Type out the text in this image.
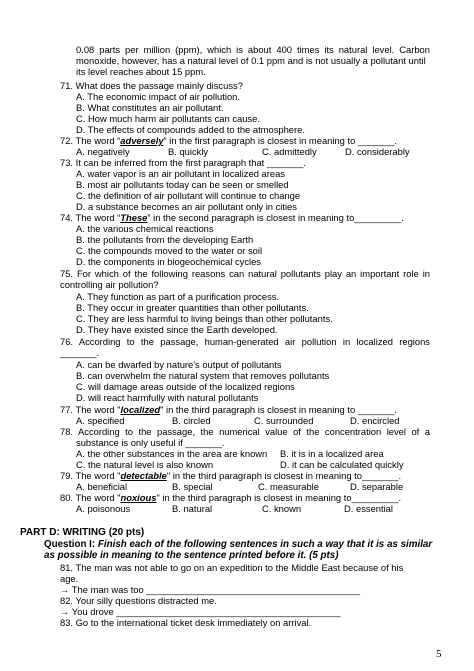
0.08 parts per million (ppm), which is about 400 times its natural level. Carbon
monoxide, however, has a natural level of 0.1 ppm and is not usually a pollutant until
its level reaches about 15 ppm.
71. What does the passage mainly discuss?
A. The economic impact of air pollution.
B. What constitutes an air pollutant.
C. How much harm air pollutants can cause.
D. The effects of compounds added to the atmosphere.
72. The word “adversely” in the first paragraph is closest in meaning to _______.
A. negatively	B. quickly	C. admittedly	D. considerably
73. It can be inferred from the first paragraph that _______.
A. water vapor is an air pollutant in localized areas
B. most air pollutants today can be seen or smelled
C. the definition of air pollutant will continue to change
D. a substance becomes an air pollutant only in cities
74. The word “These” in the second paragraph is closest in meaning to_________.
A. the various chemical reactions
B. the pollutants from the developing Earth
C. the compounds moved to the water or soil
D. the components in biogeochemical cycles
75. For which of the following reasons can natural pollutants play an important role in
controlling air pollution?
A. They function as part of a purification process.
B. They occur in greater quantities than other pollutants.
C. They are less harmful to living beings than other pollutants.
D. They have existed since the Earth developed.
76. According to the passage, human-generated air pollution in localized regions
_______.
A. can be dwarfed by nature's output of pollutants
B. can overwhelm the natural system that removes pollutants
C. will damage areas outside of the localized regions
D. will react harmfully with natural pollutants
77. The word "localized" in the third paragraph is closest in meaning to _______.
A. specified	B. circled	C. surrounded	D. encircled
78. According to the passage, the numerical value of the concentration level of a
substance is only useful if _______.
A. the other substances in the area are known B. it is in a localized area
C. the natural level is also known	D. it can be calculated quickly
79. The word "detectable" in the third paragraph is closest in meaning to_______.
A. beneficial	B. special	C. measurable	D. separable
80. The word "noxious" in the third paragraph is closest in meaning to_________.
A. poisonous	B. natural	C. known	D. essential
PART D: WRITING (20 pts)
Question I: Finish each of the following sentences in such a way that it is as similar
as possible in meaning to the sentence printed before it. (5 pts)
81. The man was not able to go on an expedition to the Middle East because of his
age.
→ The man was too _________________________________________
82. Your silly questions distracted me.
→ You drove ___________________________________________
83. Go to the international ticket desk immediately on arrival.
5
